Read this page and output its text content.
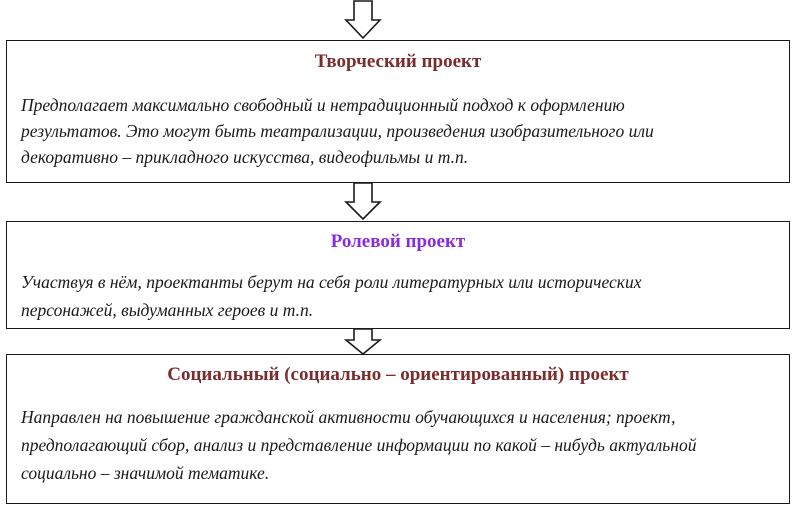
Творческий проект
Предполагает максимально свободный и нетрадиционный подход к оформлению
результатов. Это могут быть театрализации, произведения изобразительного или
декоративно – прикладного искусства, видеофильмы и т.п.
Ролевой проект
Участвуя в нём, проектанты берут на себя роли литературных или исторических
персонажей, выдуманных героев и т.п.
Социальный (социально – ориентированный) проект
Направлен на повышение гражданской активности обучающихся и населения; проект,
предполагающий сбор, анализ и представление информации по какой – нибудь актуальной
социально – значимой тематике.
